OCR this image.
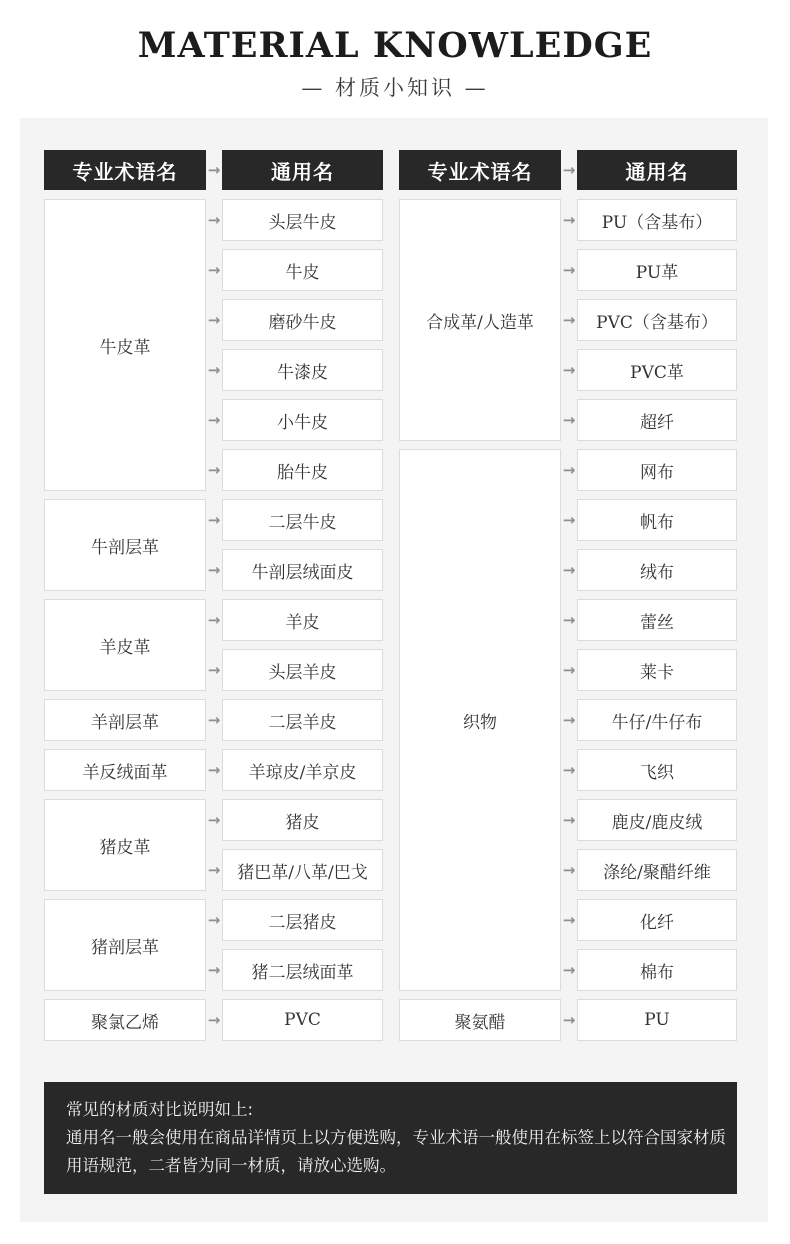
MATERIAL KNOWLEDGE
— 材质小知识 —
专业术语名	→	通用名
牛皮革
→	头层牛皮
→	牛皮
→	磨砂牛皮
→	牛漆皮
→	小牛皮
→	胎牛皮
牛剖层革
→	二层牛皮
→	牛剖层绒面皮
羊皮革
→	羊皮
→	头层羊皮
羊剖层革	→	二层羊皮
羊反绒面革	→	羊琼皮/羊京皮
猪皮革
→	猪皮
→ 猪巴革/八革/巴戈
猪剖层革
→	二层猪皮
→	猪二层绒面革
聚氯乙烯	→	PVC
专业术语名	→	通用名
合成革/人造革
→	PU（含基布）
→	PU革
→	PVC（含基布）
→	PVC革
→	超纤
织物
→	网布
→	帆布
→	绒布
→	蕾丝
→	莱卡
→	牛仔/牛仔布
→	飞织
→	鹿皮/鹿皮绒
→	涤纶/聚醋纤维
→	化纤
→	棉布
聚氨醋	→	PU
常见的材质对比说明如上:
通用名一般会使用在商品详情页上以方便选购，专业术语一般使用在标签上以符合国家材质
用语规范，二者皆为同一材质，请放心选购。
